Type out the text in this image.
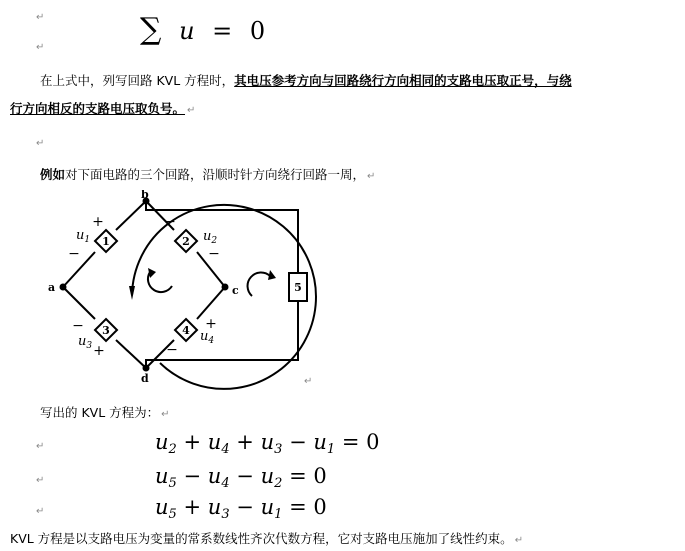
↵	∑ u = 0
↵
在上式中，列写回路 KVL 方程时，其电压参考方向与回路绕行方向相同的支路电压取正号，与绕
行方向相反的支路电压取负号。 ↵
↵
例如对下面电路的三个回路，沿顺时针方向绕行回路一周， ↵
1	2
3	4
5
a
b
c
d
$u_1$	$u_2$
$u_3$
$u_4$
+
−
−
−
−
+
+
−
↵
写出的 KVL 方程为： ↵
↵	$u_2 + u_4 + u_3 - u_1 = 0$
↵	$u_5 - u_4 - u_2 = 0$
↵	$u_5 + u_3 - u_1 = 0$
KVL 方程是以支路电压为变量的常系数线性齐次代数方程，它对支路电压施加了线性约束。 ↵
